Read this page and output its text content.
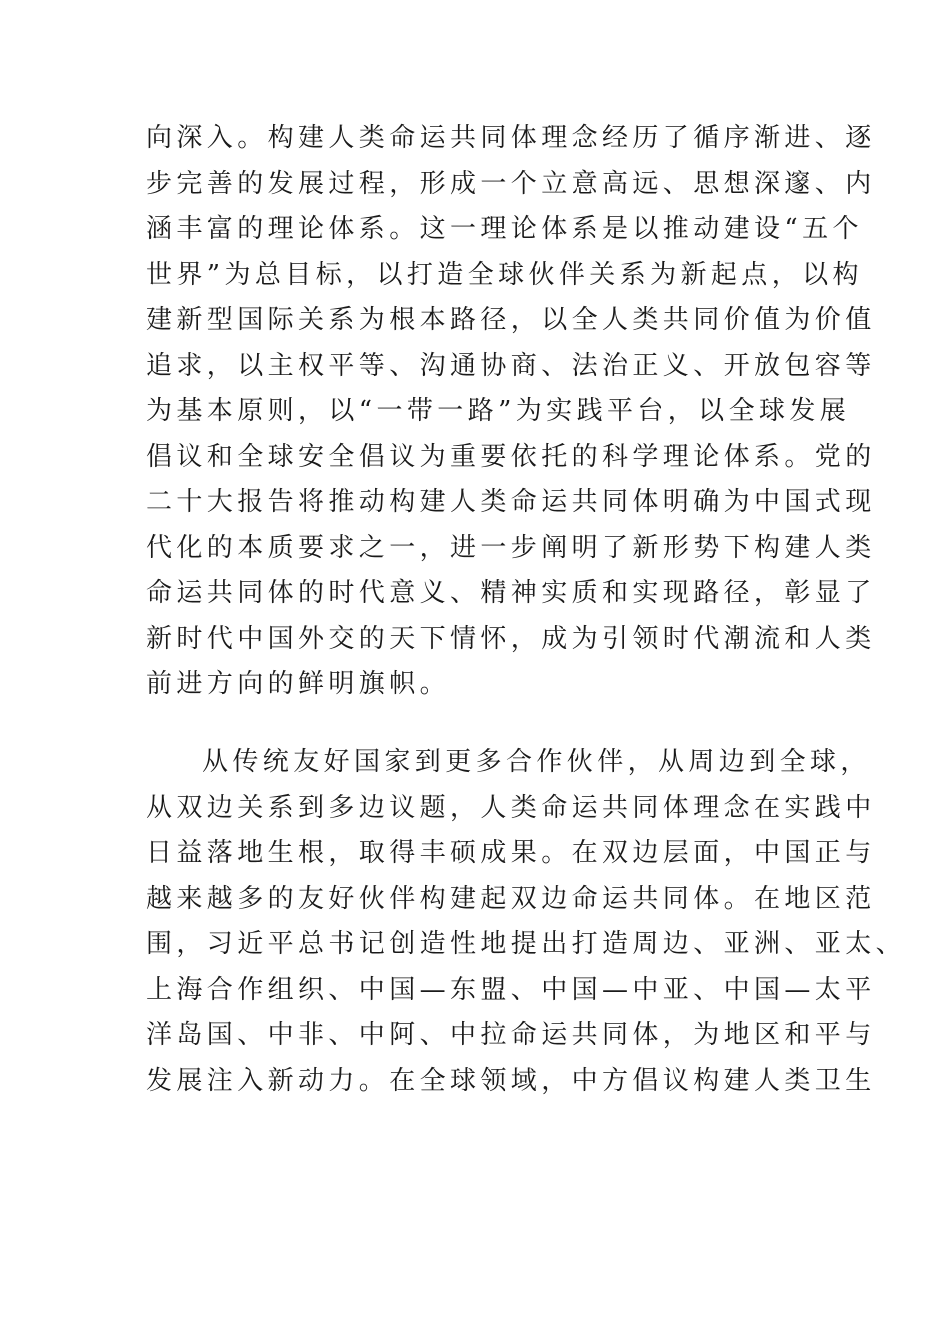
向深入。构建人类命运共同体理念经历了循序渐进、逐
步完善的发展过程，形成一个立意高远、思想深邃、内
涵丰富的理论体系。这一理论体系是以推动建设“五个
世界”为总目标，以打造全球伙伴关系为新起点，以构
建新型国际关系为根本路径，以全人类共同价值为价值
追求，以主权平等、沟通协商、法治正义、开放包容等
为基本原则，以“一带一路”为实践平台，以全球发展
倡议和全球安全倡议为重要依托的科学理论体系。党的
二十大报告将推动构建人类命运共同体明确为中国式现
代化的本质要求之一，进一步阐明了新形势下构建人类
命运共同体的时代意义、精神实质和实现路径，彰显了
新时代中国外交的天下情怀，成为引领时代潮流和人类
前进方向的鲜明旗帜。
从传统友好国家到更多合作伙伴，从周边到全球，
从双边关系到多边议题，人类命运共同体理念在实践中
日益落地生根，取得丰硕成果。在双边层面，中国正与
越来越多的友好伙伴构建起双边命运共同体。在地区范
围，习近平总书记创造性地提出打造周边、亚洲、亚太、
上海合作组织、中国—东盟、中国—中亚、中国—太平
洋岛国、中非、中阿、中拉命运共同体，为地区和平与
发展注入新动力。在全球领域，中方倡议构建人类卫生
